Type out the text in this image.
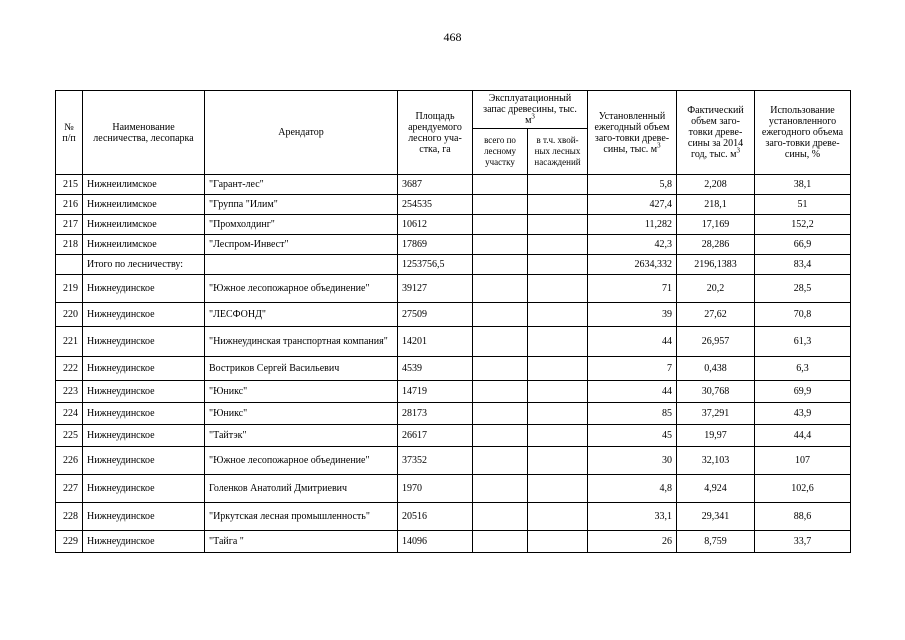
468
№ п/п	Наименование лесничества, лесопарка	Арендатор	Площадь арендуемого лесного уча-стка, га	Эксплуатационный запас древесины, тыс. $м^3$		Установленный ежегодный объем заго-товки древе-сины, тыс. $м^3$	Фактический объем заго-товки древе-сины за 2014 год, тыс. $м^3$	Использование установленного ежегодного объема заго-товки древе-сины, %
				всего по лесному участку	в т.ч. хвой-ных лесных насаждений			
215	Нижнеилимское	"Гарант-лес"	3687			5,8	2,208	38,1
216	Нижнеилимское	"Группа "Илим"	254535			427,4	218,1	51
217	Нижнеилимское	"Промхолдинг"	10612			11,282	17,169	152,2
218	Нижнеилимское	"Леспром-Инвест"	17869			42,3	28,286	66,9
	Итого по лесничеству:		1253756,5			2634,332	2196,1383	83,4
219	Нижнеудинское	"Южное лесопожарное объединение"	39127			71	20,2	28,5
220	Нижнеудинское	"ЛЕСФОНД"	27509			39	27,62	70,8
221	Нижнеудинское	"Нижнеудинская транспортная компания"	14201			44	26,957	61,3
222	Нижнеудинское	Востриков Сергей Васильевич	4539			7	0,438	6,3
223	Нижнеудинское	"Юникс"	14719			44	30,768	69,9
224	Нижнеудинское	"Юникс"	28173			85	37,291	43,9
225	Нижнеудинское	"Тайтэк"	26617			45	19,97	44,4
226	Нижнеудинское	"Южное лесопожарное объединение"	37352			30	32,103	107
227	Нижнеудинское	Голенков Анатолий Дмитриевич	1970			4,8	4,924	102,6
228	Нижнеудинское	"Иркутская лесная промышленность"	20516			33,1	29,341	88,6
229	Нижнеудинское	"Тайга "	14096			26	8,759	33,7
